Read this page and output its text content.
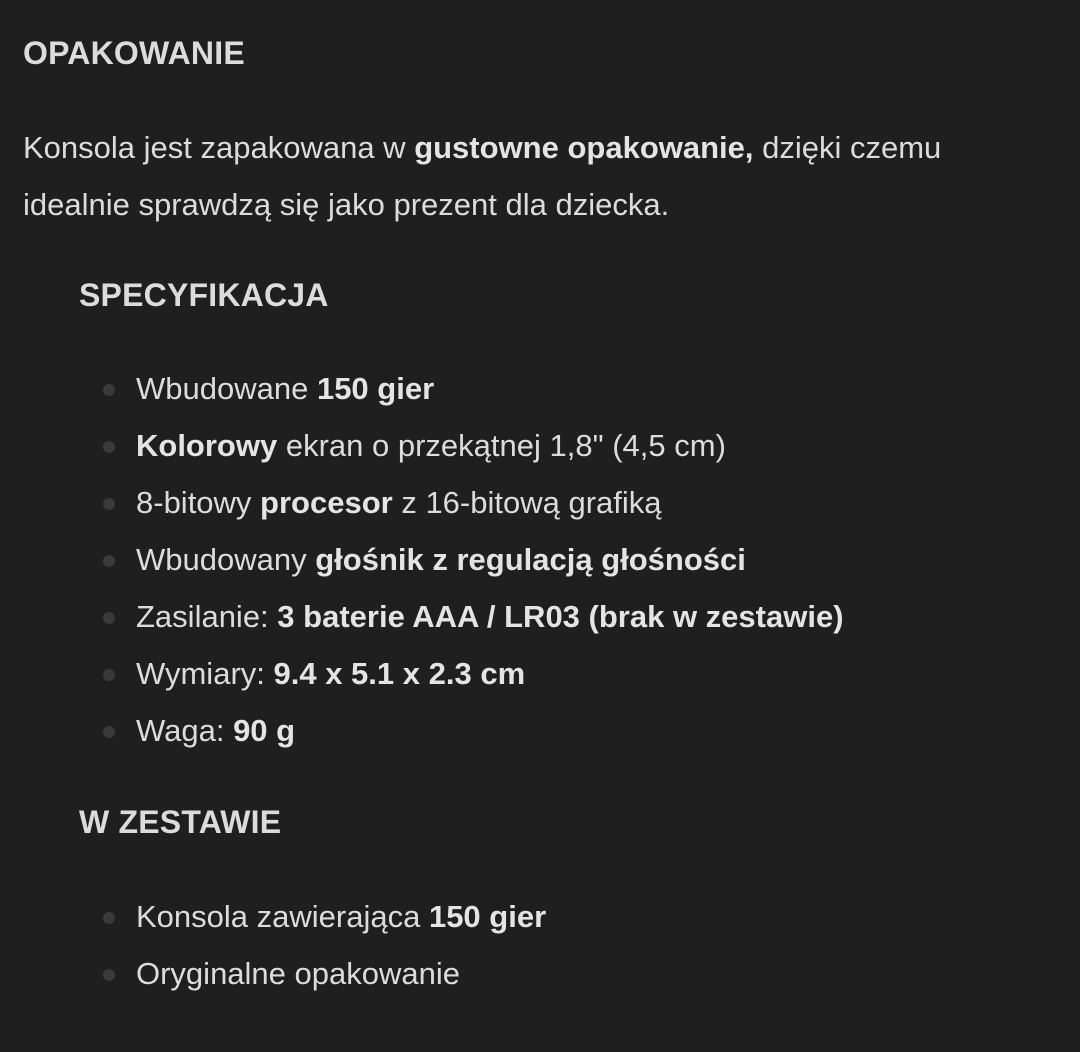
OPAKOWANIE

Konsola jest zapakowana w gustowne opakowanie, dzięki czemu idealnie sprawdzą się jako prezent dla dziecka.

SPECYFIKACJA
Wbudowane 150 gier
Kolorowy ekran o przekątnej 1,8" (4,5 cm)
8-bitowy procesor z 16-bitową grafiką
Wbudowany głośnik z regulacją głośności
Zasilanie: 3 baterie AAA / LR03 (brak w zestawie)
Wymiary: 9.4 x 5.1 x 2.3 cm
Waga: 90 g
W ZESTAWIE
Konsola zawierająca 150 gier
Oryginalne opakowanie
